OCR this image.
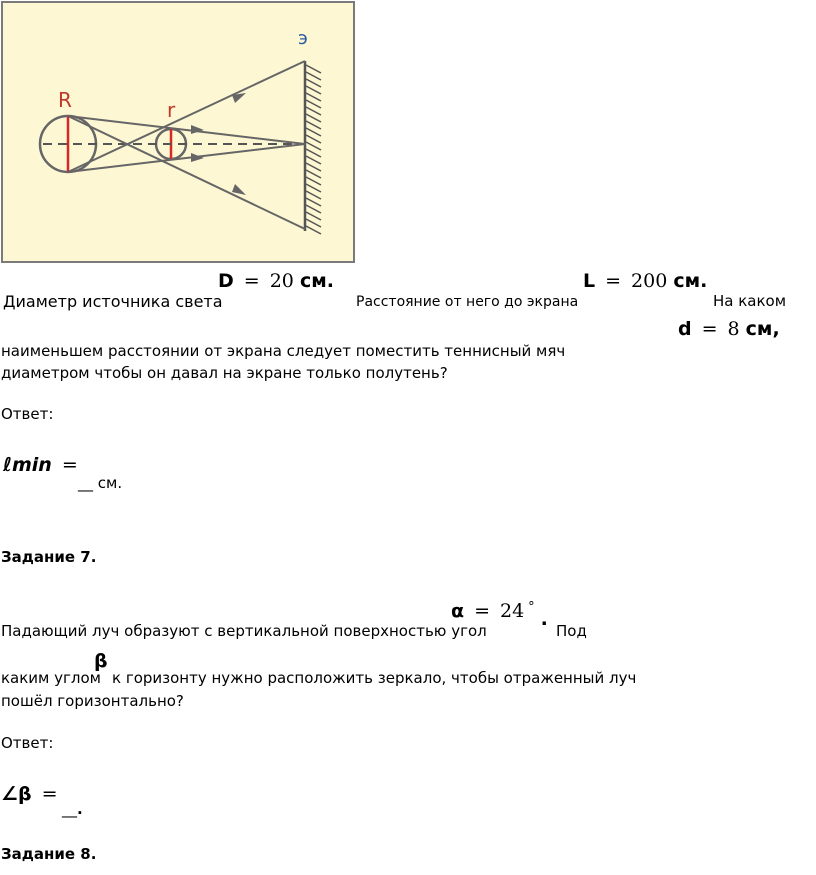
R	r
э
D = 20 см.	L = 200 см.
Диаметр источника света	Расстояние от него до экрана	На каком
d = 8 см,
наименьшем расстоянии от экрана следует поместить теннисный мяч
диаметром чтобы он давал на экране только полутень?
Ответ:
ℓmin =
__ см.
Задание 7.
α = 24 °.
Падающий луч образуют с вертикальной поверхностью угол	Под
β
каким углом к горизонту нужно расположить зеркало, чтобы отраженный луч
пошёл горизонтально?
Ответ:
∠β =
__.
Задание 8.
